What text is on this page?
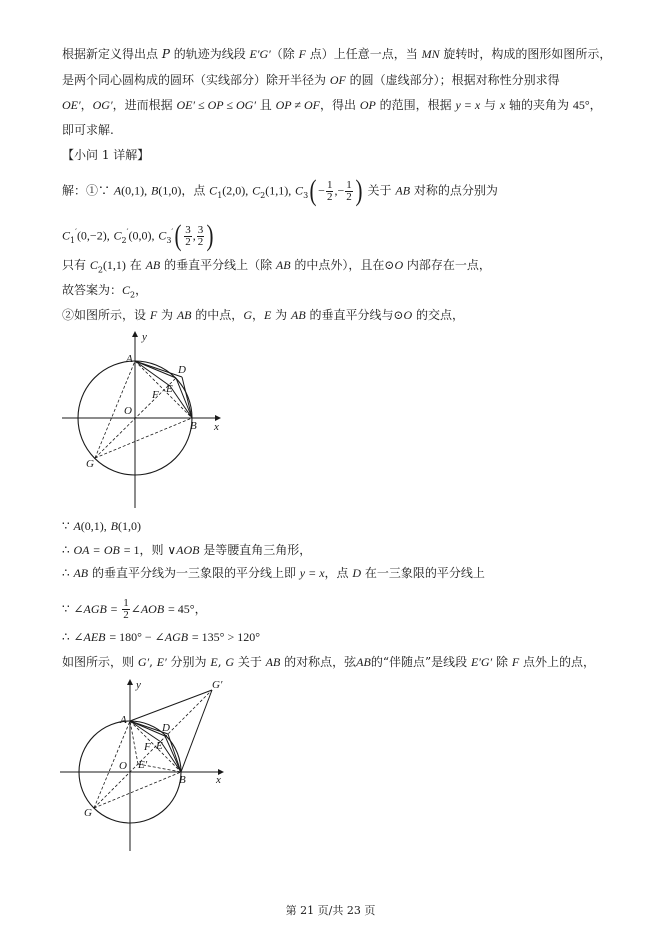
根据新定义得出点 P 的轨迹为线段 E′G′（除 F 点）上任意一点，当 MN 旋转时，构成的图形如图所示，
是两个同心圆构成的圆环（实线部分）除开半径为 OF 的圆（虚线部分）；根据对称性分别求得
OE′，OG′，进而根据 OE′ ≤ OP ≤ OG′ 且 OP ≠ OF，得出 OP 的范围，根据 y = x 与 x 轴的夹角为 45°，
即可求解.
【小问 1 详解】
解：①∵ A(0,1), B(1,0)，点 $C_1(2,0)$, $C_2(1,1)$, $C_3( - \frac{1}{2}$ ,− $\frac{1}{2}$ ) 关于 AB 对称的点分别为
$C_1'(0,-2)$, $C_2'(0,0)$, $C_3'( \frac{3}{2}$ , $\frac{3}{2}$ )
只有 $C_2(1,1)$ 在 AB 的垂直平分线上（除 AB 的中点外），且在⊙O 内部存在一点，
故答案为：$C_2$，
②如图所示，设 F 为 AB 的中点，G，E 为 AB 的垂直平分线与⊙O 的交点，
y
x
A
B
O
D
E
F
G
∵ A(0,1), B(1,0)
∴ OA = OB = 1，则 ∨AOB 是等腰直角三角形，
∴ AB 的垂直平分线为一三象限的平分线上即 y = x，点 D 在一三象限的平分线上
∵ ∠AGB = $\frac{1}{2}$ ∠AOB = 45°，
∴ ∠AEB = 180° − ∠AGB = 135° > 120°
如图所示，则 G′, E′ 分别为 E, G 关于 AB 的对称点，弦AB的“伴随点”是线段 E′G′ 除 F 点外上的点，
y
x
A
B
O
D
E
E′
F
G
G′
第 21 页/共 23 页
